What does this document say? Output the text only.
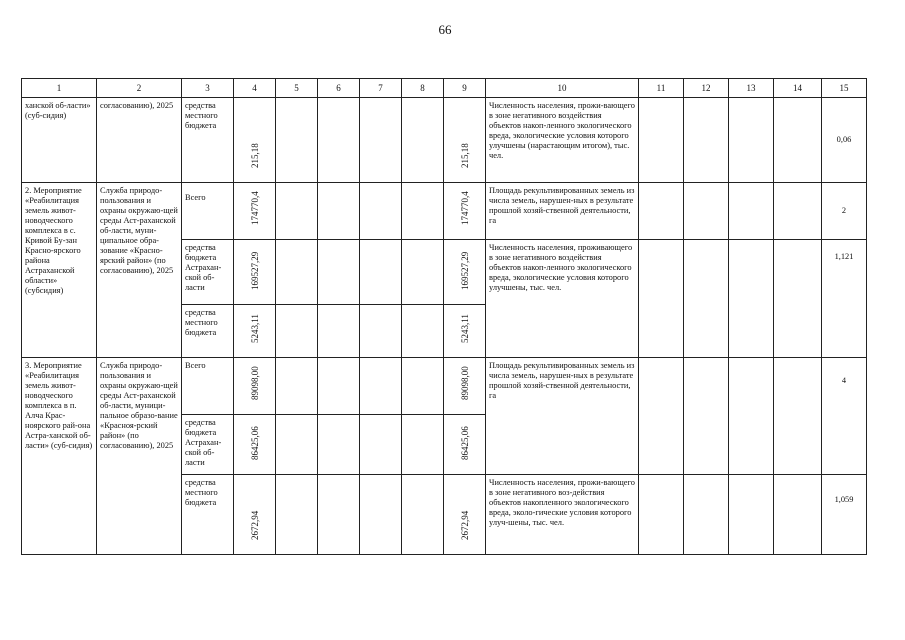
66
1	2	3	4	5	6	7	8	9	10	11	12	13	14	15

ханской об-ласти» (суб-сидия)	согласованию), 2025	средства местного бюджета	215,18					215,18	Численность населения, прожи-вающего в зоне негативного воздействия объектов накоп-ленного экологического вреда, экологические условия которого улучшены (нарастающим итогом), тыс. чел.					0,06

2. Мероприятие «Реабилитация земель живот-новодческого комплекса в с. Кривой Бу-зан Красно-ярского района Астраханской области» (субсидия)	Служба природо-пользования и охраны окружаю-щей среды Аст-раханской об-ласти, муни-ципальное обра-зование «Красно-ярский район» (по согласованию), 2025	Всего	174770,4					174770,4	Площадь рекультивированных земель из числа земель, нарушен-ных в результате прошлой хозяй-ственной деятельности, га					2

		средства бюджета Астрахан-ской об-ласти	169527,29					169527,29	Численность населения, проживающего в зоне негативного воздействия объектов накоп-ленного экологического вреда, экологические условия которого улучшены, тыс. чел.					1,121

		средства местного бюджета	5243,11					5243,11						

3. Мероприятие «Реабилитация земель живот-новодческого комплекса в п. Алча Крас-ноярского рай-она Астра-ханской об-ласти» (суб-сидия)	Служба природо-пользования и охраны окружаю-щей среды Аст-раханской об-ласти, муници-пальное образо-вание «Красноя-рский район» (по согласованию), 2025	Всего	89098,00					89098,00	Площадь рекультивированных земель из числа земель, нарушен-ных в результате прошлой хозяй-ственной деятельности, га					4

		средства бюджета Астрахан-ской об-ласти	86425,06					86425,06						

		средства местного бюджета	2672,94					2672,94	Численность населения, прожи-вающего в зоне негативного воз-действия объектов накопленного экологического вреда, эколо-гические условия которого улуч-шены, тыс. чел.					1,059
